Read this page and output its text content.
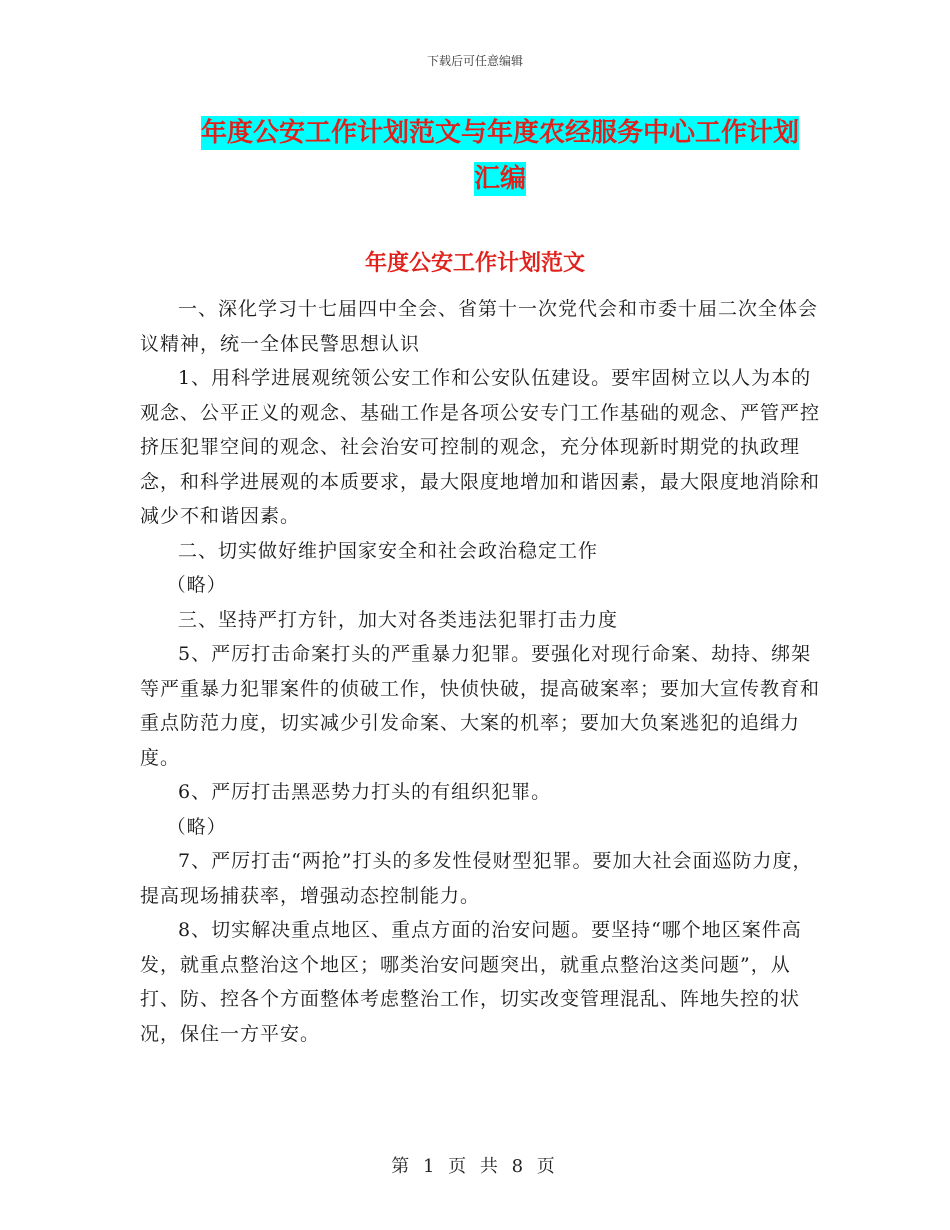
下载后可任意编辑
年度公安工作计划范文与年度农经服务中心工作计划
汇编
年度公安工作计划范文

一、深化学习十七届四中全会、省第十一次党代会和市委十届二次全体会议精神，统一全体民警思想认识

1、用科学进展观统领公安工作和公安队伍建设。要牢固树立以人为本的观念、公平正义的观念、基础工作是各项公安专门工作基础的观念、严管严控挤压犯罪空间的观念、社会治安可控制的观念，充分体现新时期党的执政理念，和科学进展观的本质要求，最大限度地增加和谐因素，最大限度地消除和减少不和谐因素。

二、切实做好维护国家安全和社会政治稳定工作

（略）

三、坚持严打方针，加大对各类违法犯罪打击力度

5、严厉打击命案打头的严重暴力犯罪。要强化对现行命案、劫持、绑架等严重暴力犯罪案件的侦破工作，快侦快破，提高破案率；要加大宣传教育和重点防范力度，切实减少引发命案、大案的机率；要加大负案逃犯的追缉力度。

6、严厉打击黑恶势力打头的有组织犯罪。

（略）

7、严厉打击“两抢”打头的多发性侵财型犯罪。要加大社会面巡防力度，提高现场捕获率，增强动态控制能力。

8、切实解决重点地区、重点方面的治安问题。要坚持“哪个地区案件高发，就重点整治这个地区；哪类治安问题突出，就重点整治这类问题”，从打、防、控各个方面整体考虑整治工作，切实改变管理混乱、阵地失控的状况，保住一方平安。

第 1 页 共 8 页
